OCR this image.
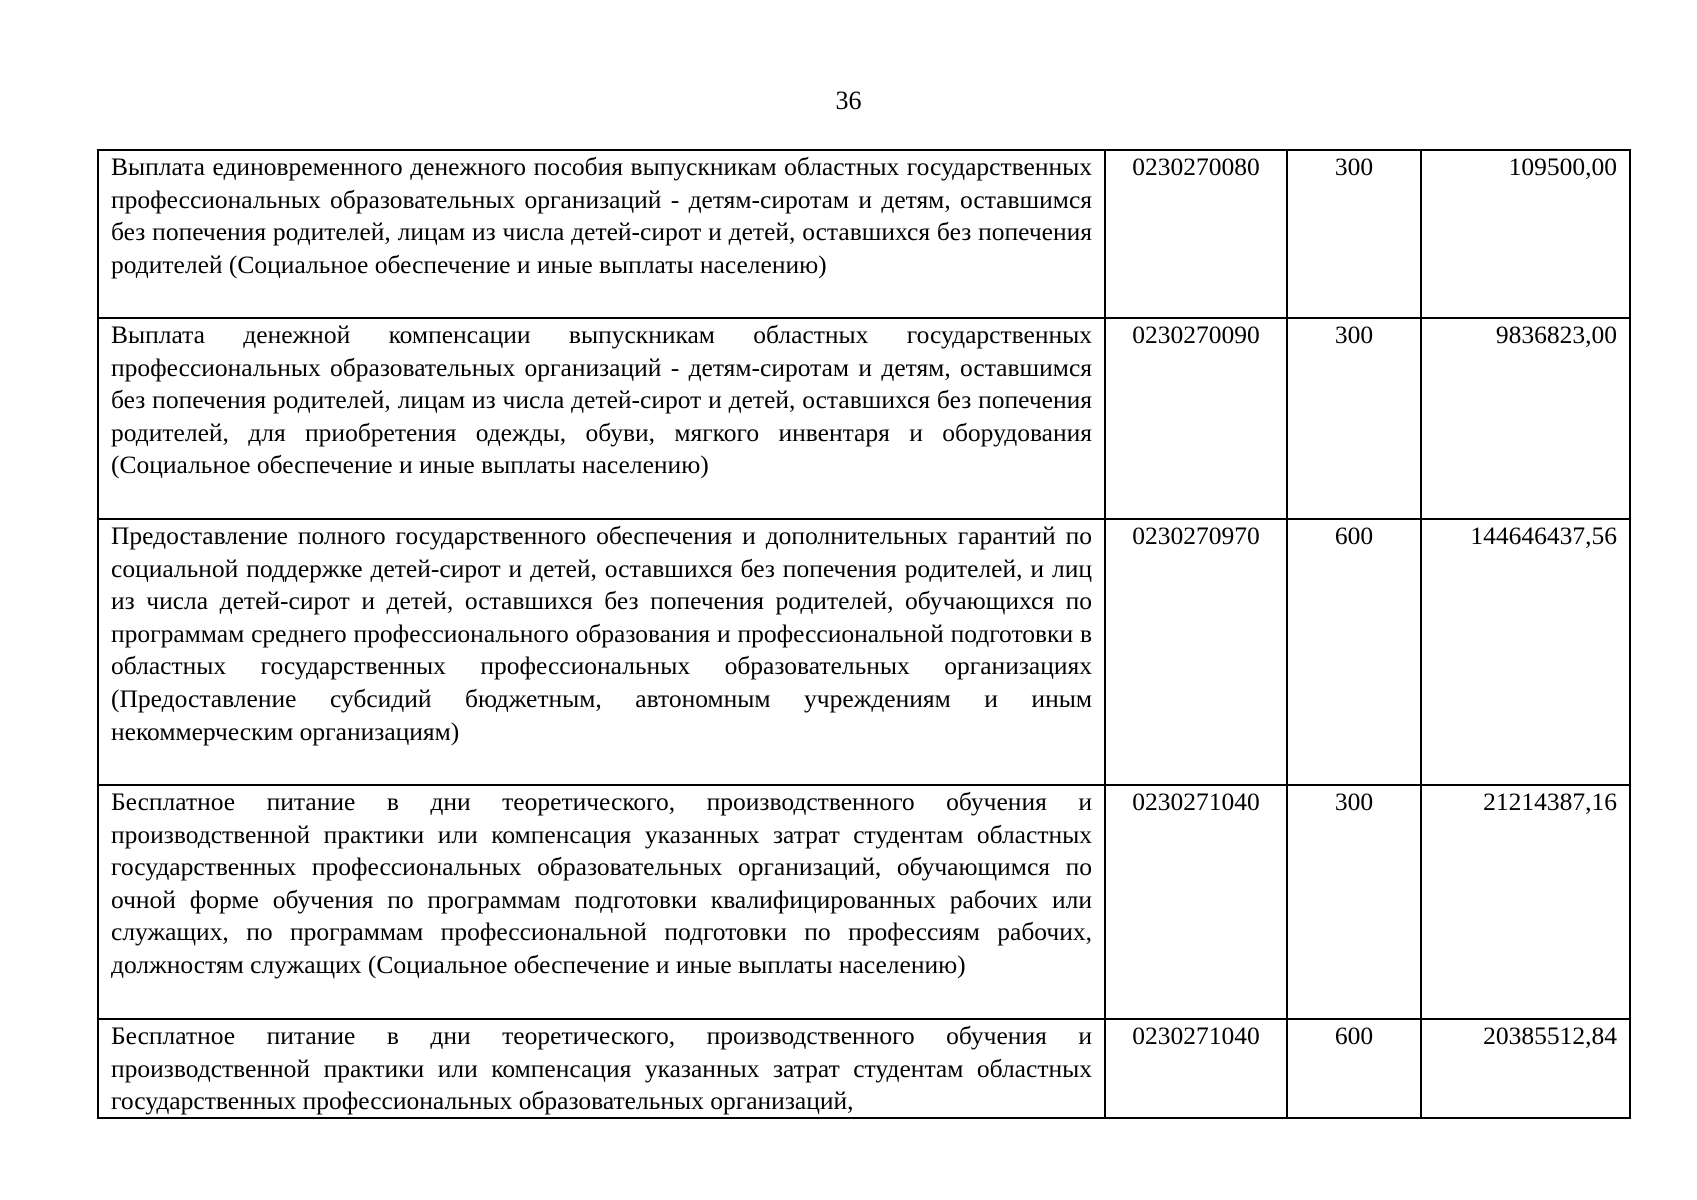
36
Выплата единовременного денежного пособия выпускникам областных государственных профессиональных образовательных организаций - детям-сиротам и детям, оставшимся без попечения родителей, лицам из числа детей-сирот и детей, оставшихся без попечения родителей (Социальное обеспечение и иные выплаты населению)	0230270080	300	109500,00
Выплата денежной компенсации выпускникам областных государственных профессиональных образовательных организаций - детям-сиротам и детям, оставшимся без попечения родителей, лицам из числа детей-сирот и детей, оставшихся без попечения родителей, для приобретения одежды, обуви, мягкого инвентаря и оборудования (Социальное обеспечение и иные выплаты населению)	0230270090	300	9836823,00
Предоставление полного государственного обеспечения и дополнительных гарантий по социальной поддержке детей-сирот и детей, оставшихся без попечения родителей, и лиц из числа детей-сирот и детей, оставшихся без попечения родителей, обучающихся по программам среднего профессионального образования и профессиональной подготовки в областных государственных профессиональных образовательных организациях (Предоставление субсидий бюджетным, автономным учреждениям и иным некоммерческим организациям)	0230270970	600	144646437,56
Бесплатное питание в дни теоретического, производственного обучения и производственной практики или компенсация указанных затрат студентам областных государственных профессиональных образовательных организаций, обучающимся по очной форме обучения по программам подготовки квалифицированных рабочих или служащих, по программам профессиональной подготовки по профессиям рабочих, должностям служащих (Социальное обеспечение и иные выплаты населению)	0230271040	300	21214387,16

Бесплатное питание в дни теоретического, производственного обучения и производственной практики или компенсация указанных затрат студентам областных государственных профессиональных образовательных организаций,	0230271040	600	20385512,84
